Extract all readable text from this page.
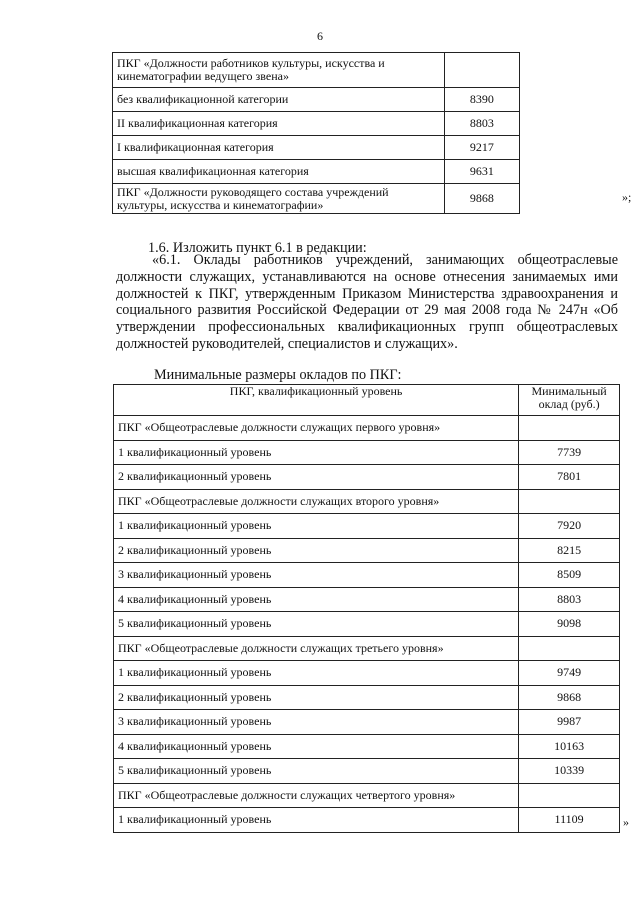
6
ПКГ «Должности работников культуры, искусства и кинематографии ведущего звена»	
без квалификационной категории	8390
II квалификационная категория	8803
I квалификационная категория	9217
высшая квалификационная категория	9631
ПКГ «Должности руководящего состава учреждений культуры, искусства и кинематографии»	9868	»;
1.6. Изложить пункт 6.1 в редакции:
«6.1. Оклады работников учреждений, занимающих общеотраслевые должности служащих, устанавливаются на основе отнесения занимаемых ими должностей к ПКГ, утвержденным Приказом Министерства здравоохранения и социального развития Российской Федерации от 29 мая 2008 года № 247н «Об утверждении профессиональных квалификационных групп общеотраслевых должностей руководителей, специалистов и служащих».
Минимальные размеры окладов по ПКГ:
ПКГ, квалификационный уровень	Минимальный оклад (руб.)
ПКГ «Общеотраслевые должности служащих первого уровня»	
1 квалификационный уровень	7739
2 квалификационный уровень	7801
ПКГ «Общеотраслевые должности служащих второго уровня»	
1 квалификационный уровень	7920
2 квалификационный уровень	8215
3 квалификационный уровень	8509
4 квалификационный уровень	8803
5 квалификационный уровень	9098
ПКГ «Общеотраслевые должности служащих третьего уровня»	
1 квалификационный уровень	9749
2 квалификационный уровень	9868
3 квалификационный уровень	9987
4 квалификационный уровень	10163
5 квалификационный уровень	10339
ПКГ «Общеотраслевые должности служащих четвертого уровня»	
1 квалификационный уровень	11109	»
